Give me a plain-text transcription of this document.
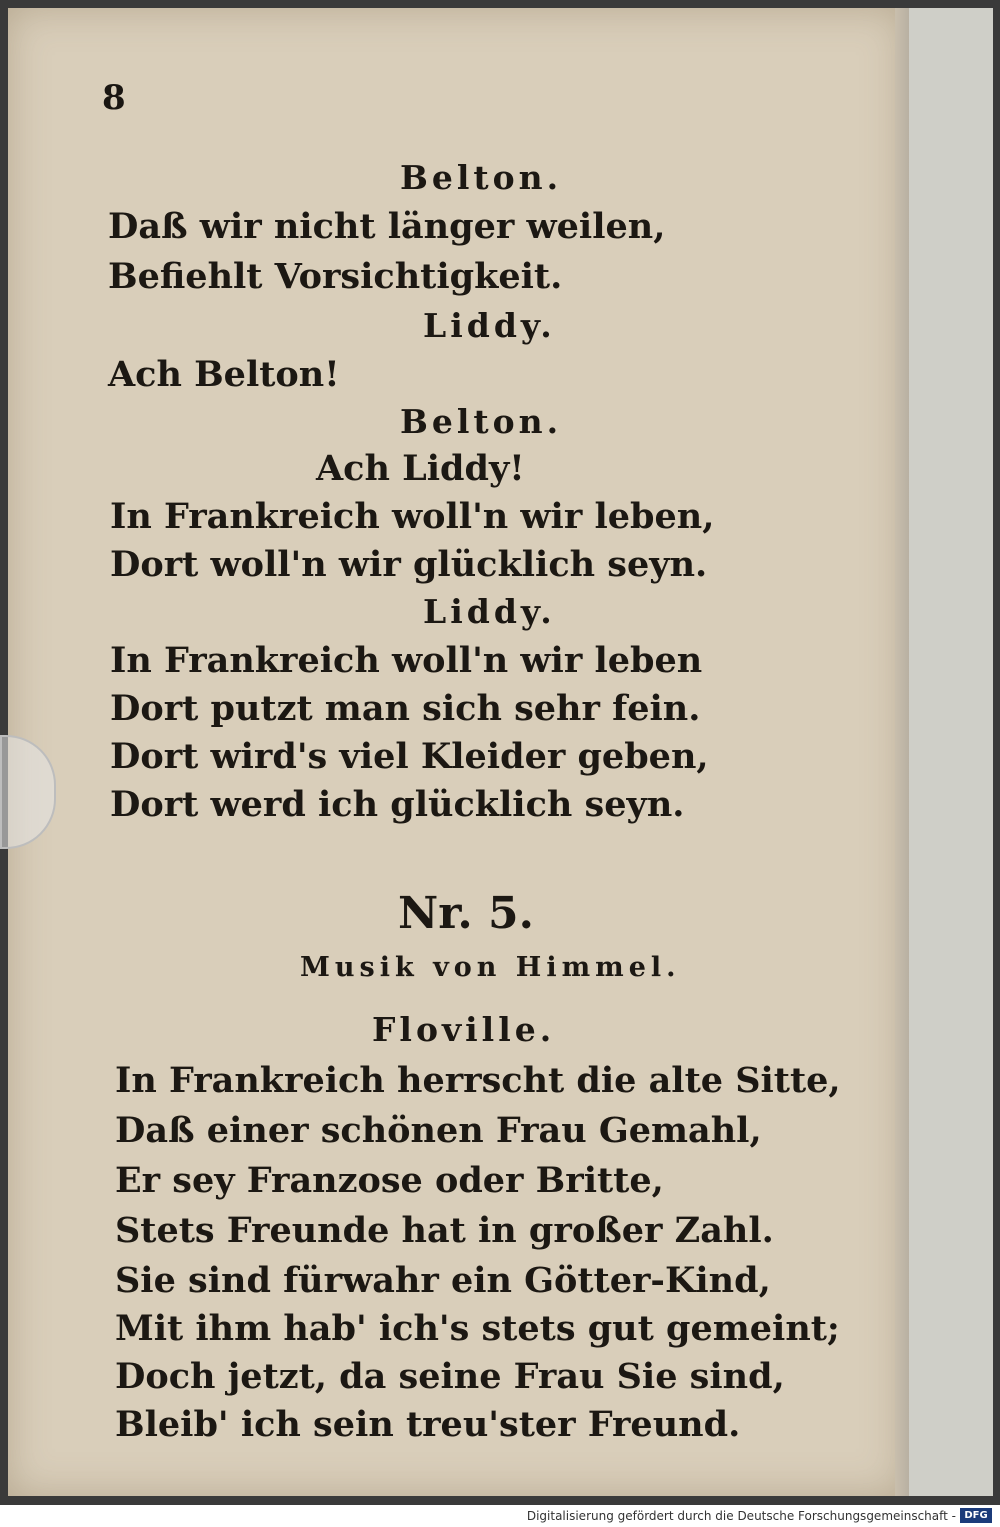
8
Belton.
Daß wir nicht länger weilen,
Befiehlt Vorsichtigkeit.
Liddy.
Ach Belton!
Belton.
Ach Liddy!
In Frankreich woll'n wir leben,
Dort woll'n wir glücklich seyn.
Liddy.
In Frankreich woll'n wir leben
Dort putzt man sich sehr fein.
Dort wird's viel Kleider geben,
Dort werd ich glücklich seyn.
Nr. 5.
Musik von Himmel.
Floville.
In Frankreich herrscht die alte Sitte,
Daß einer schönen Frau Gemahl,
Er sey Franzose oder Britte,
Stets Freunde hat in großer Zahl.
Sie sind fürwahr ein Götter-Kind,
Mit ihm hab' ich's stets gut gemeint;
Doch jetzt, da seine Frau Sie sind,
Bleib' ich sein treu'ster Freund.
Digitalisierung gefördert durch die Deutsche Forschungsgemeinschaft - DFG
